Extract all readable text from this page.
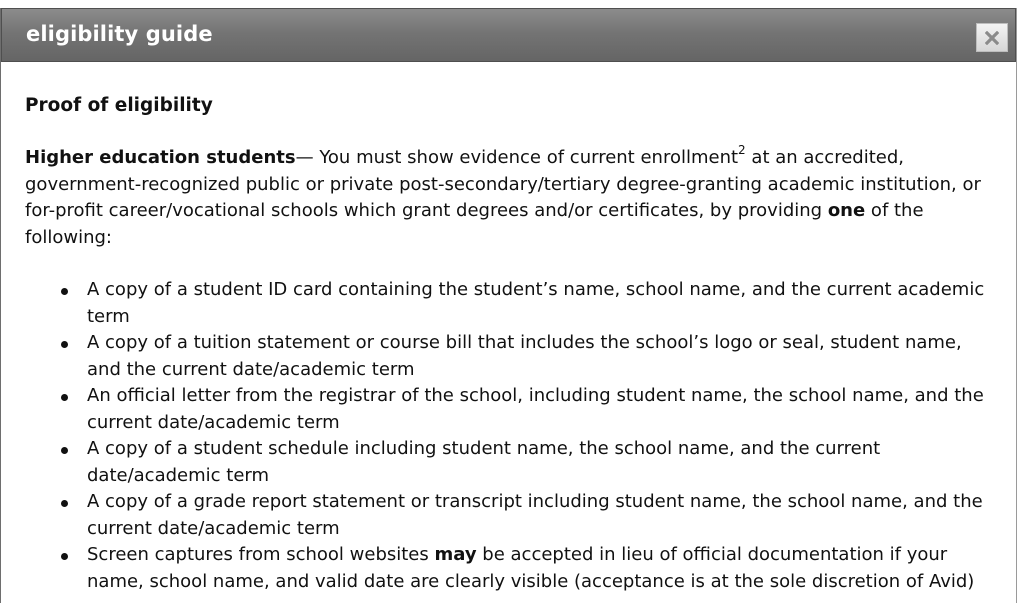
eligibility guide

Proof of eligibility

Higher education students— You must show evidence of current enrollment$^2$ at an accredited, government-recognized public or private post-secondary/tertiary degree-granting academic institution, or for-profit career/vocational schools which grant degrees and/or certificates, by providing one of the following:

A copy of a student ID card containing the student’s name, school name, and the current academic term
A copy of a tuition statement or course bill that includes the school’s logo or seal, student name, and the current date/academic term
An official letter from the registrar of the school, including student name, the school name, and the current date/academic term
A copy of a student schedule including student name, the school name, and the current date/academic term
A copy of a grade report statement or transcript including student name, the school name, and the current date/academic term
Screen captures from school websites may be accepted in lieu of official documentation if your name, school name, and valid date are clearly visible (acceptance is at the sole discretion of Avid)
